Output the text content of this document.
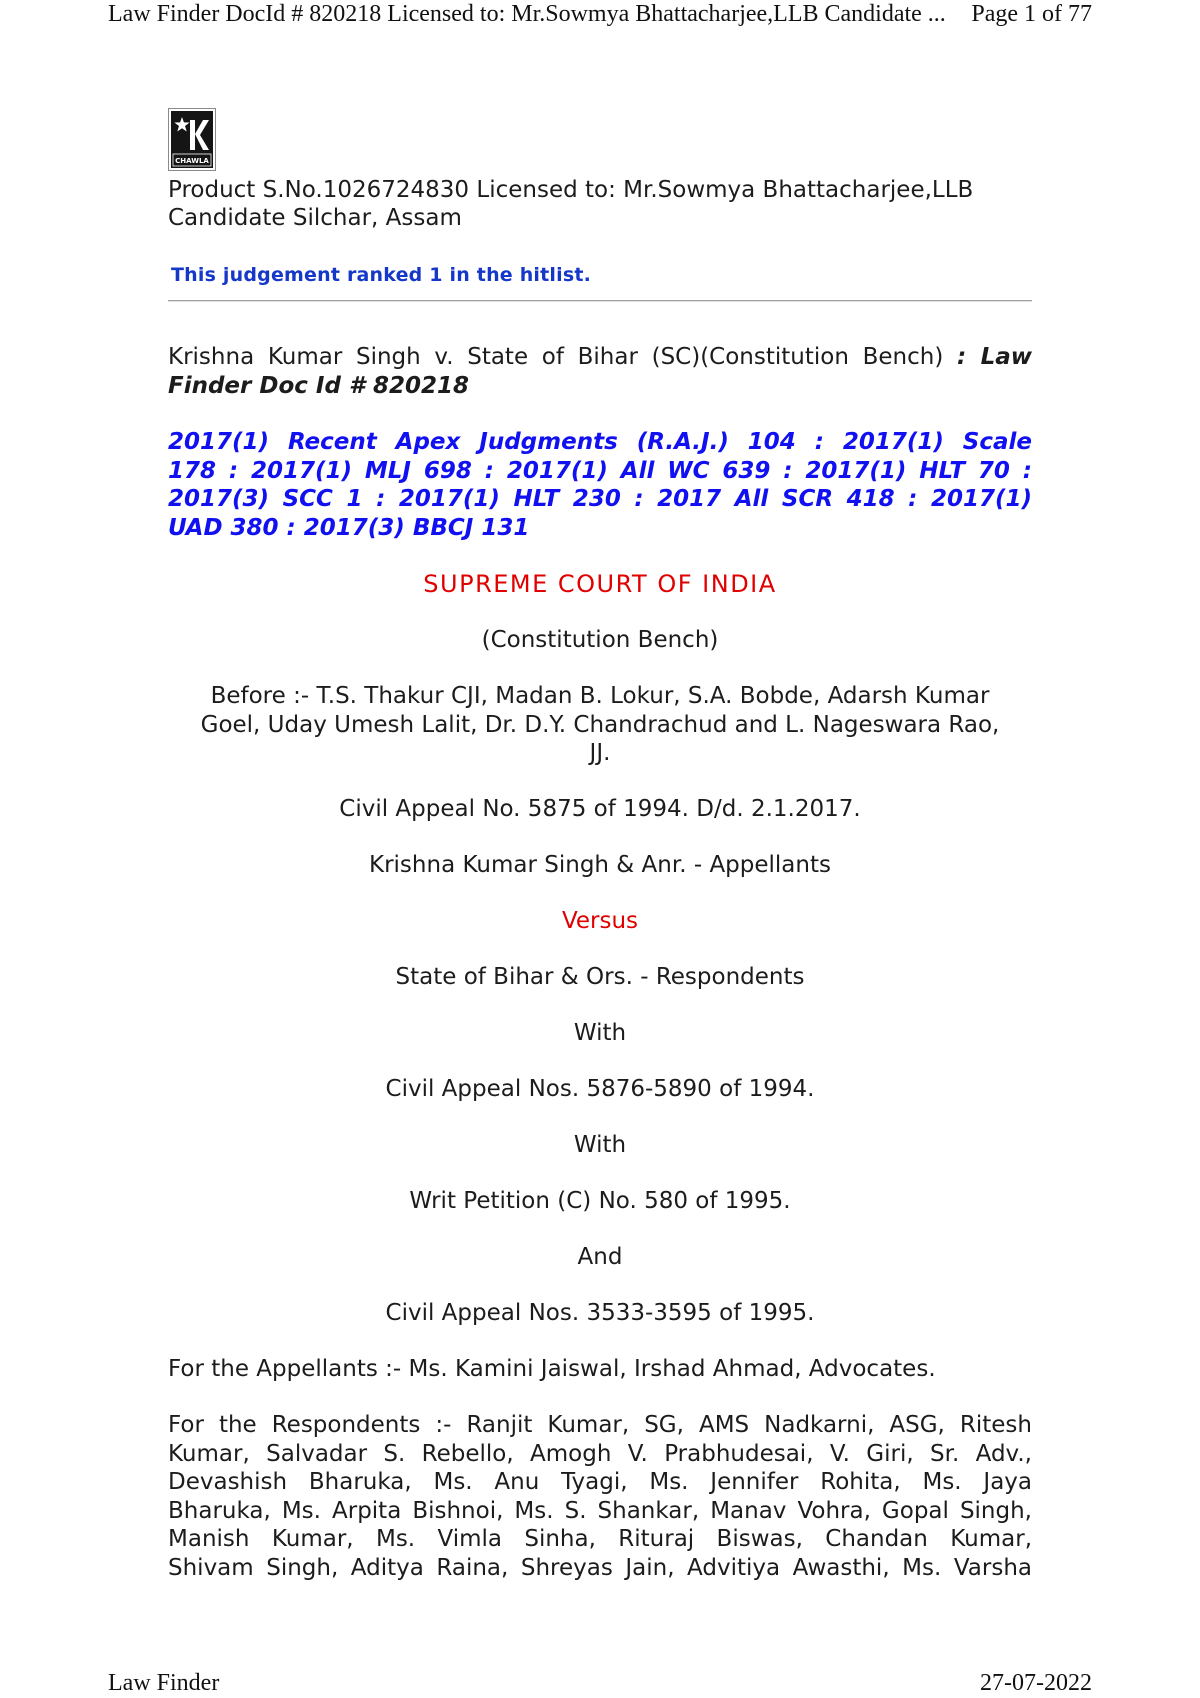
Law Finder DocId # 820218 Licensed to: Mr.Sowmya Bhattacharjee,LLB Candidate ... Page 1 of 77
CHAWLA
Product S.No.1026724830 Licensed to: Mr.Sowmya Bhattacharjee,LLB
Candidate Silchar, Assam
This judgement ranked 1 in the hitlist.
Krishna Kumar Singh v. State of Bihar (SC)(Constitution Bench) : Law Finder Doc Id # 820218
2017(1) Recent Apex Judgments (R.A.J.) 104 : 2017(1) Scale
178 : 2017(1) MLJ 698 : 2017(1) All WC 639 : 2017(1) HLT 70 :
2017(3) SCC 1 : 2017(1) HLT 230 : 2017 All SCR 418 : 2017(1)
UAD 380 : 2017(3) BBCJ 131
SUPREME COURT OF INDIA
(Constitution Bench)
Before :- T.S. Thakur CJI, Madan B. Lokur, S.A. Bobde, Adarsh Kumar
Goel, Uday Umesh Lalit, Dr. D.Y. Chandrachud and L. Nageswara Rao,
JJ.
Civil Appeal No. 5875 of 1994. D/d. 2.1.2017.
Krishna Kumar Singh & Anr. - Appellants
Versus
State of Bihar & Ors. - Respondents
With
Civil Appeal Nos. 5876-5890 of 1994.
With
Writ Petition (C) No. 580 of 1995.
And
Civil Appeal Nos. 3533-3595 of 1995.
For the Appellants :- Ms. Kamini Jaiswal, Irshad Ahmad, Advocates.
For the Respondents :- Ranjit Kumar, SG, AMS Nadkarni, ASG, Ritesh
Kumar, Salvadar S. Rebello, Amogh V. Prabhudesai, V. Giri, Sr. Adv.,
Devashish Bharuka, Ms. Anu Tyagi, Ms. Jennifer Rohita, Ms. Jaya
Bharuka, Ms. Arpita Bishnoi, Ms. S. Shankar, Manav Vohra, Gopal Singh,
Manish Kumar, Ms. Vimla Sinha, Rituraj Biswas, Chandan Kumar,
Shivam Singh, Aditya Raina, Shreyas Jain, Advitiya Awasthi, Ms. Varsha
Law Finder	27-07-2022
